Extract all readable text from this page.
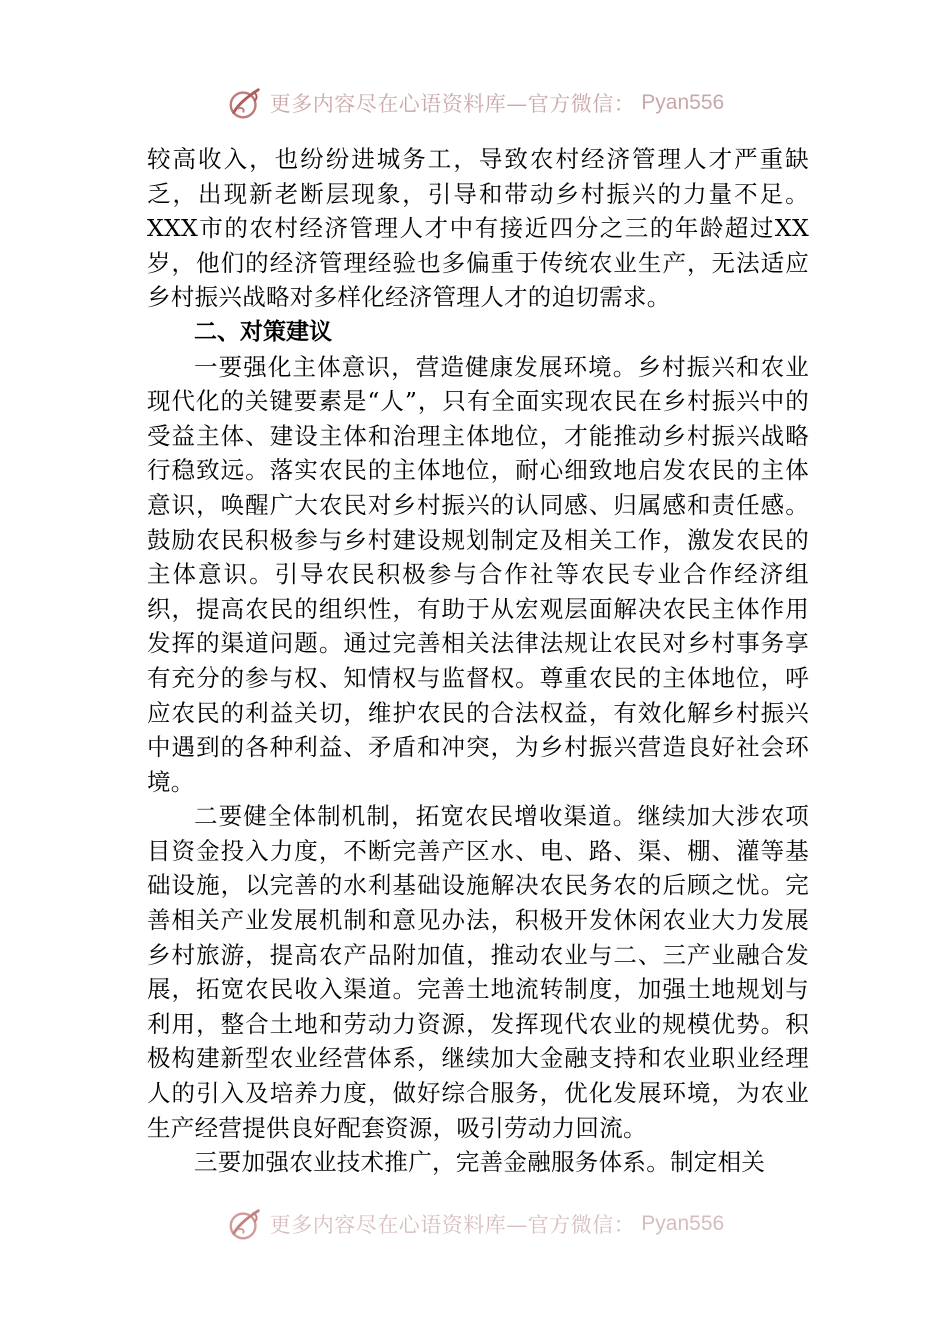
更多内容尽在心语资料库—官方微信： Pyan556

较高收入，也纷纷进城务工，导致农村经济管理人才严重缺乏，出现新老断层现象，引导和带动乡村振兴的力量不足。XXX市的农村经济管理人才中有接近四分之三的年龄超过XX岁，他们的经济管理经验也多偏重于传统农业生产，无法适应乡村振兴战略对多样化经济管理人才的迫切需求。

二、对策建议

一要强化主体意识，营造健康发展环境。乡村振兴和农业现代化的关键要素是“人”，只有全面实现农民在乡村振兴中的受益主体、建设主体和治理主体地位，才能推动乡村振兴战略行稳致远。落实农民的主体地位，耐心细致地启发农民的主体意识，唤醒广大农民对乡村振兴的认同感、归属感和责任感。鼓励农民积极参与乡村建设规划制定及相关工作，激发农民的主体意识。引导农民积极参与合作社等农民专业合作经济组织，提高农民的组织性，有助于从宏观层面解决农民主体作用发挥的渠道问题。通过完善相关法律法规让农民对乡村事务享有充分的参与权、知情权与监督权。尊重农民的主体地位，呼应农民的利益关切，维护农民的合法权益，有效化解乡村振兴中遇到的各种利益、矛盾和冲突，为乡村振兴营造良好社会环境。

二要健全体制机制，拓宽农民增收渠道。继续加大涉农项目资金投入力度，不断完善产区水、电、路、渠、棚、灌等基础设施，以完善的水利基础设施解决农民务农的后顾之忧。完善相关产业发展机制和意见办法，积极开发休闲农业大力发展乡村旅游，提高农产品附加值，推动农业与二、三产业融合发展，拓宽农民收入渠道。完善土地流转制度，加强土地规划与利用，整合土地和劳动力资源，发挥现代农业的规模优势。积极构建新型农业经营体系，继续加大金融支持和农业职业经理人的引入及培养力度，做好综合服务，优化发展环境，为农业生产经营提供良好配套资源，吸引劳动力回流。

三要加强农业技术推广，完善金融服务体系。制定相关

更多内容尽在心语资料库—官方微信： Pyan556
